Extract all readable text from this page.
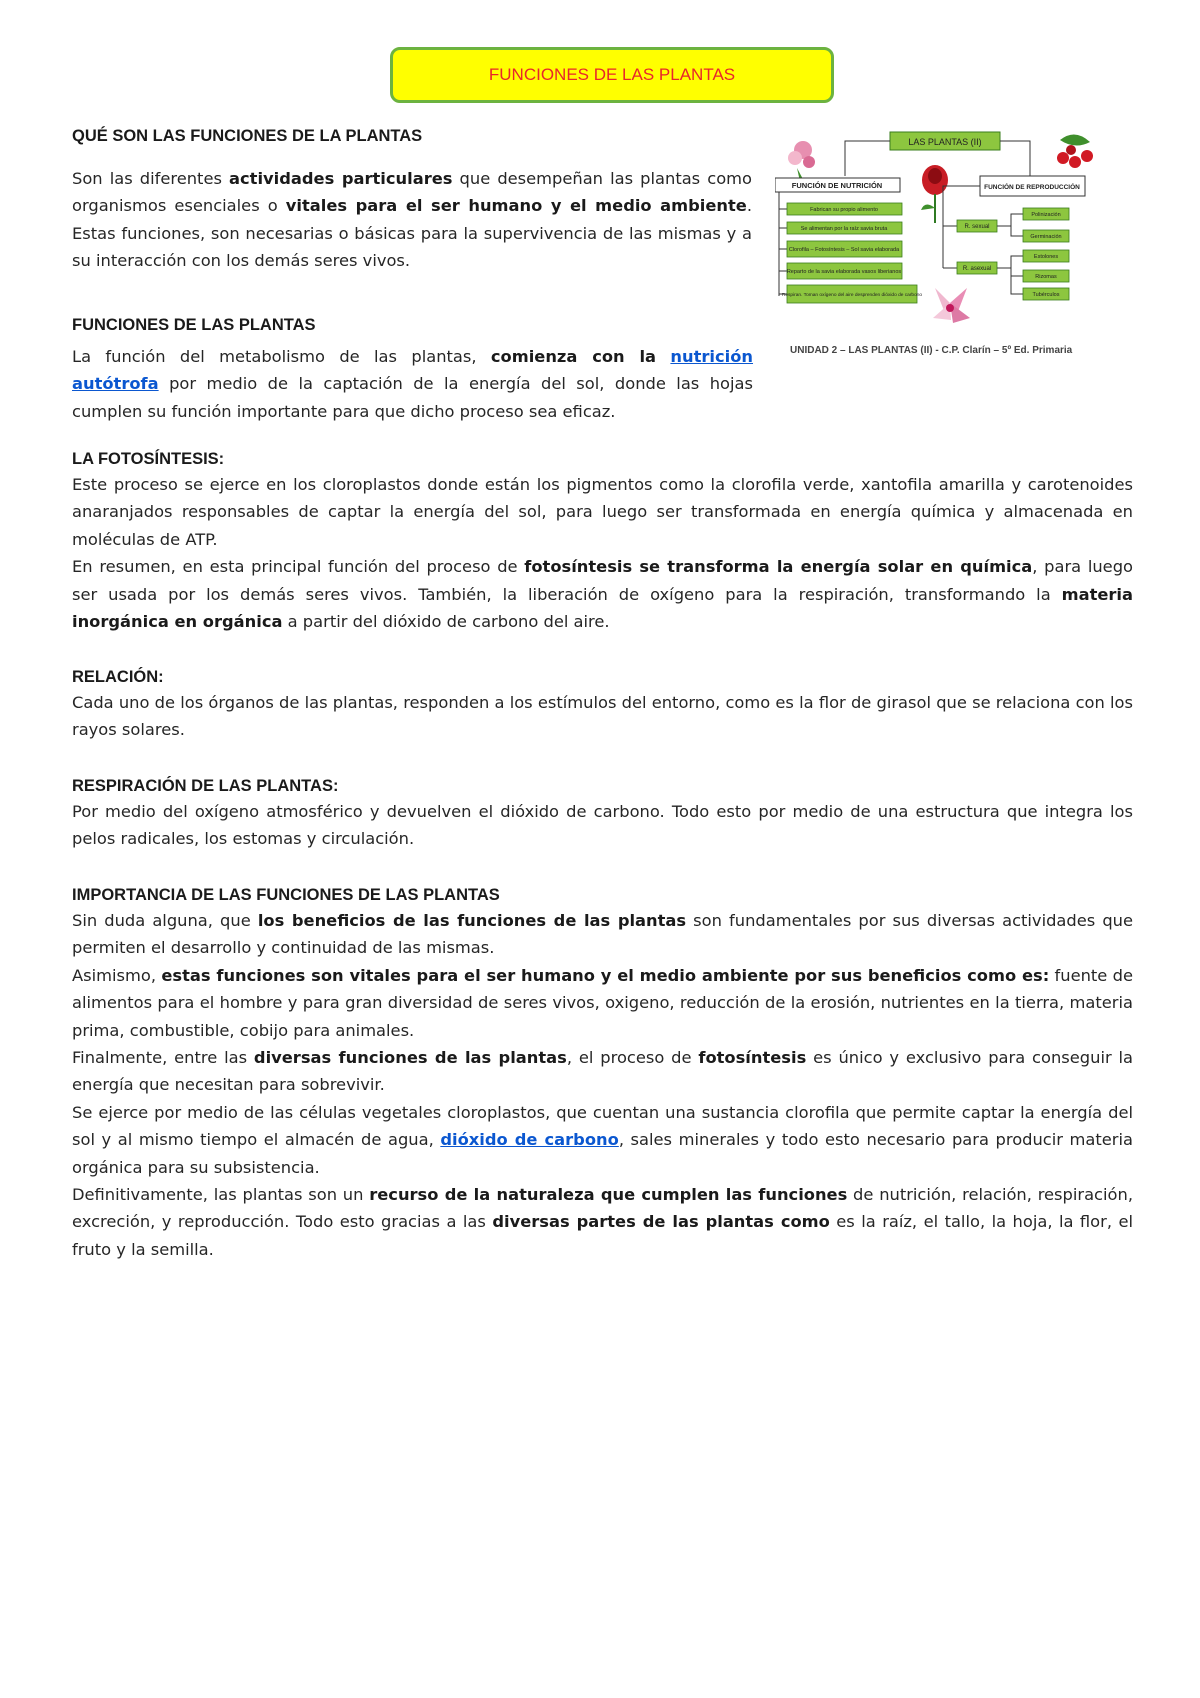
FUNCIONES DE LAS PLANTAS

QUÉ SON LAS FUNCIONES DE LA PLANTAS

Son las diferentes actividades particulares que desempeñan las plantas como organismos esenciales o vitales para el ser humano y el medio ambiente. Estas funciones, son necesarias o básicas para la supervivencia de las mismas y a su interacción con los demás seres vivos.

FUNCIONES DE LAS PLANTAS

La función del metabolismo de las plantas, comienza con la nutrición autótrofa por medio de la captación de la energía del sol, donde las hojas cumplen su función importante para que dicho proceso sea eficaz.

LAS PLANTAS (II)
FUNCIÓN DE NUTRICIÓN
Fabrican su propio alimento
Se alimentan por la raíz savia bruta
Clorofila – Fotosíntesis – Sol savia elaborada
Reparto de la savia elaborada vasos liberianos
Respiran. Toman oxígeno del aire desprenden dióxido de carbono
FUNCIÓN DE REPRODUCCIÓN
R. sexual
R. asexual
Polinización
Germinación
Estolones
Rizomas
Tubérculos
UNIDAD 2 – LAS PLANTAS (II) - C.P. Clarín – 5º Ed. Primaria

LA FOTOSÍNTESIS:

Este proceso se ejerce en los cloroplastos donde están los pigmentos como la clorofila verde, xantofila amarilla y carotenoides anaranjados responsables de captar la energía del sol, para luego ser transformada en energía química y almacenada en moléculas de ATP.

En resumen, en esta principal función del proceso de fotosíntesis se transforma la energía solar en química, para luego ser usada por los demás seres vivos. También, la liberación de oxígeno para la respiración, transformando la materia inorgánica en orgánica a partir del dióxido de carbono del aire.

RELACIÓN:

Cada uno de los órganos de las plantas, responden a los estímulos del entorno, como es la flor de girasol que se relaciona con los rayos solares.

RESPIRACIÓN DE LAS PLANTAS:

Por medio del oxígeno atmosférico y devuelven el dióxido de carbono. Todo esto por medio de una estructura que integra los pelos radicales, los estomas y circulación.

IMPORTANCIA DE LAS FUNCIONES DE LAS PLANTAS

Sin duda alguna, que los beneficios de las funciones de las plantas son fundamentales por sus diversas actividades que permiten el desarrollo y continuidad de las mismas.

Asimismo, estas funciones son vitales para el ser humano y el medio ambiente por sus beneficios como es: fuente de alimentos para el hombre y para gran diversidad de seres vivos, oxigeno, reducción de la erosión, nutrientes en la tierra, materia prima, combustible, cobijo para animales.

Finalmente, entre las diversas funciones de las plantas, el proceso de fotosíntesis es único y exclusivo para conseguir la energía que necesitan para sobrevivir.

Se ejerce por medio de las células vegetales cloroplastos, que cuentan una sustancia clorofila que permite captar la energía del sol y al mismo tiempo el almacén de agua, dióxido de carbono, sales minerales y todo esto necesario para producir materia orgánica para su subsistencia.

Definitivamente, las plantas son un recurso de la naturaleza que cumplen las funciones de nutrición, relación, respiración, excreción, y reproducción. Todo esto gracias a las diversas partes de las plantas como es la raíz, el tallo, la hoja, la flor, el fruto y la semilla.
